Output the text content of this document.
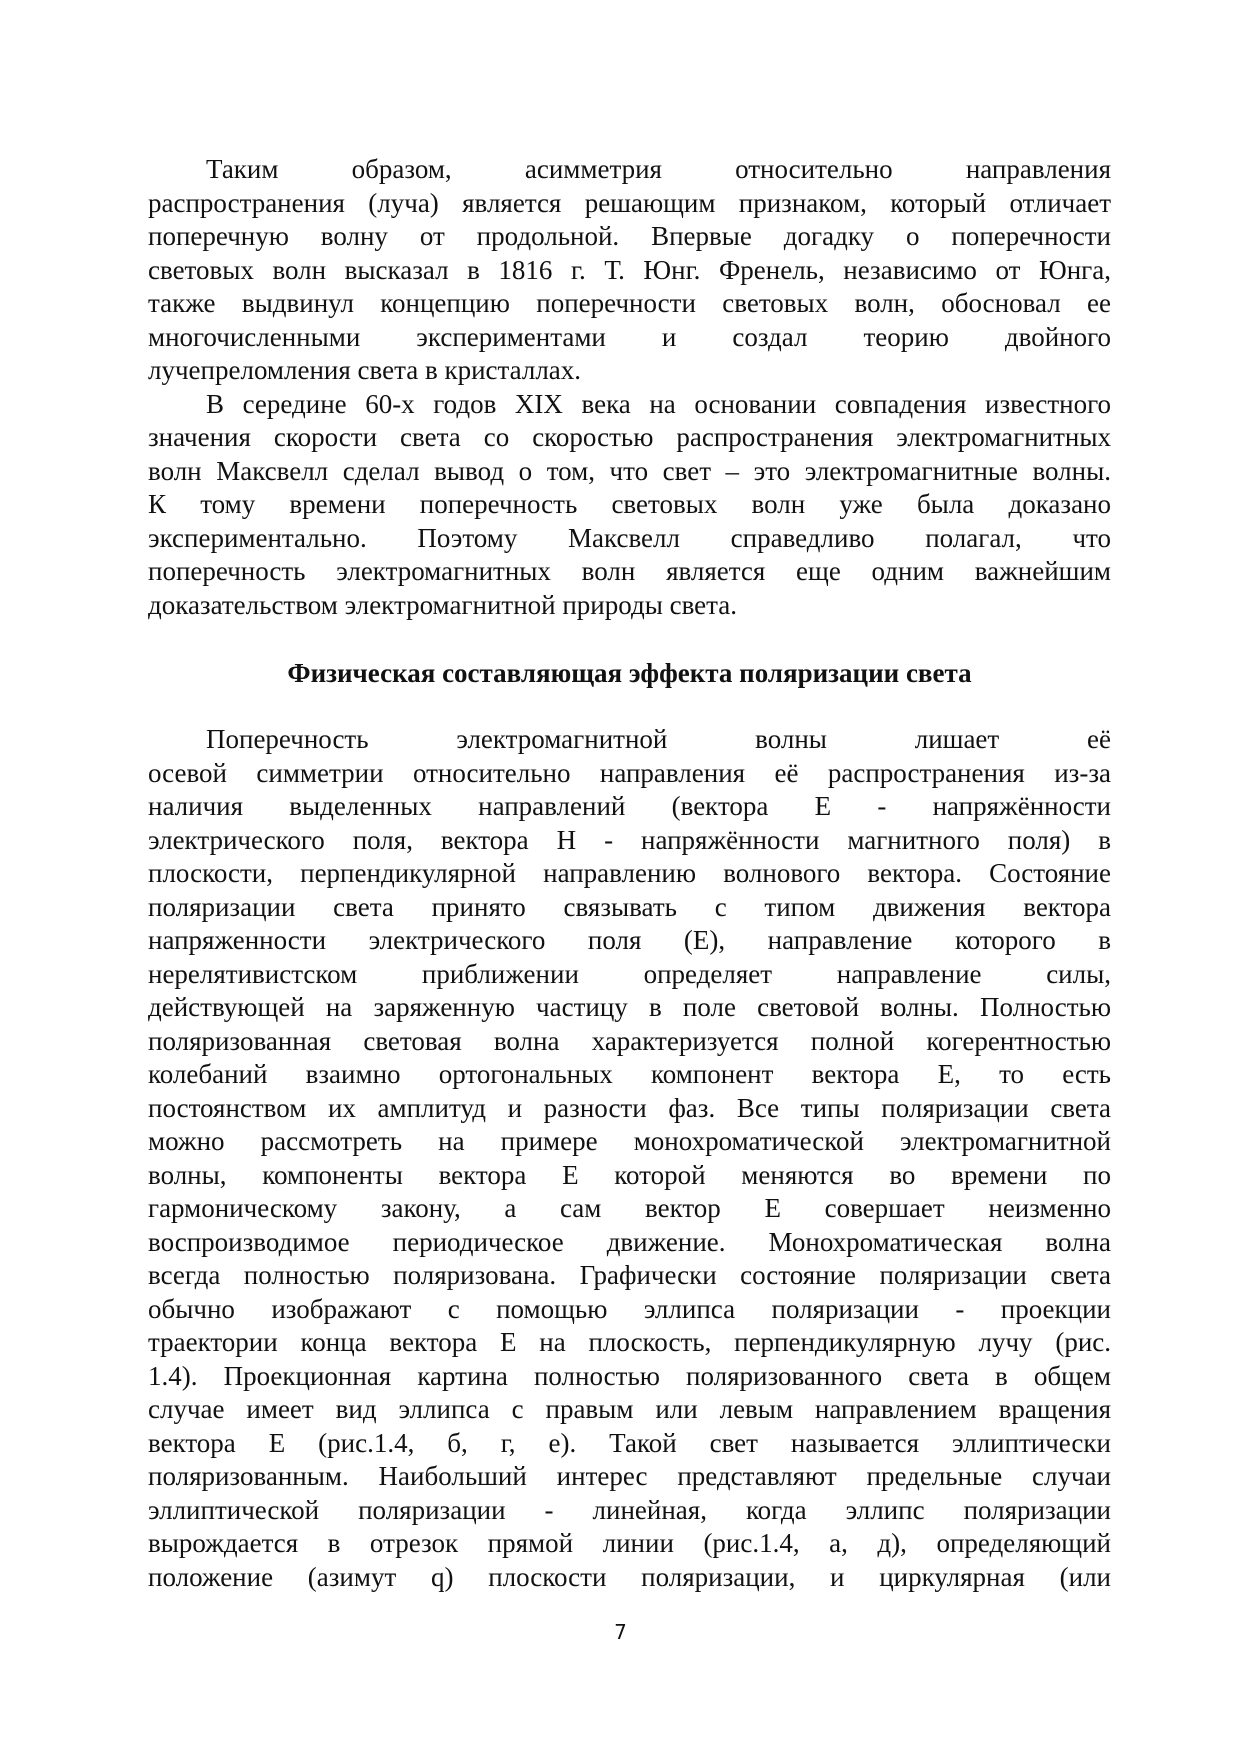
Таким образом, асимметрия относительно направления
распространения (луча) является решающим признаком, который отличает
поперечную волну от продольной. Впервые догадку о поперечности
световых волн высказал в 1816 г. Т. Юнг. Френель, независимо от Юнга,
также выдвинул концепцию поперечности световых волн, обосновал ее
многочисленными экспериментами и создал теорию двойного
лучепреломления света в кристаллах.
В середине 60-х годов XIX века на основании совпадения известного
значения скорости света со скоростью распространения электромагнитных
волн Максвелл сделал вывод о том, что свет – это электромагнитные волны.
К тому времени поперечность световых волн уже была доказано
экспериментально. Поэтому Максвелл справедливо полагал, что
поперечность электромагнитных волн является еще одним важнейшим
доказательством электромагнитной природы света.
Физическая составляющая эффекта поляризации света
Поперечность электромагнитной волны лишает её
осевой симметрии относительно направления её распространения из-за
наличия выделенных направлений (вектора E - напряжённости
электрического поля, вектора H - напряжённости магнитного поля) в
плоскости, перпендикулярной направлению волнового вектора. Состояние
поляризации света принято связывать с типом движения вектора
напряженности электрического поля (E), направление которого в
нерелятивистском приближении определяет направление силы,
действующей на заряженную частицу в поле световой волны. Полностью
поляризованная световая волна характеризуется полной когерентностью
колебаний взаимно ортогональных компонент вектора E, то есть
постоянством их амплитуд и разности фаз. Все типы поляризации света
можно рассмотреть на примере монохроматической электромагнитной
волны, компоненты вектора E которой меняются во времени по
гармоническому закону, а сам вектор E совершает неизменно
воспроизводимое периодическое движение. Монохроматическая волна
всегда полностью поляризована. Графически состояние поляризации света
обычно изображают с помощью эллипса поляризации - проекции
траектории конца вектора E на плоскость, перпендикулярную лучу (рис.
1.4). Проекционная картина полностью поляризованного света в общем
случае имеет вид эллипса с правым или левым направлением вращения
вектора E (рис.1.4, б, г, е). Такой свет называется эллиптически
поляризованным. Наибольший интерес представляют предельные случаи
эллиптической поляризации - линейная, когда эллипс поляризации
вырождается в отрезок прямой линии (рис.1.4, а, д), определяющий
положение (азимут q) плоскости поляризации, и циркулярная (или
7
